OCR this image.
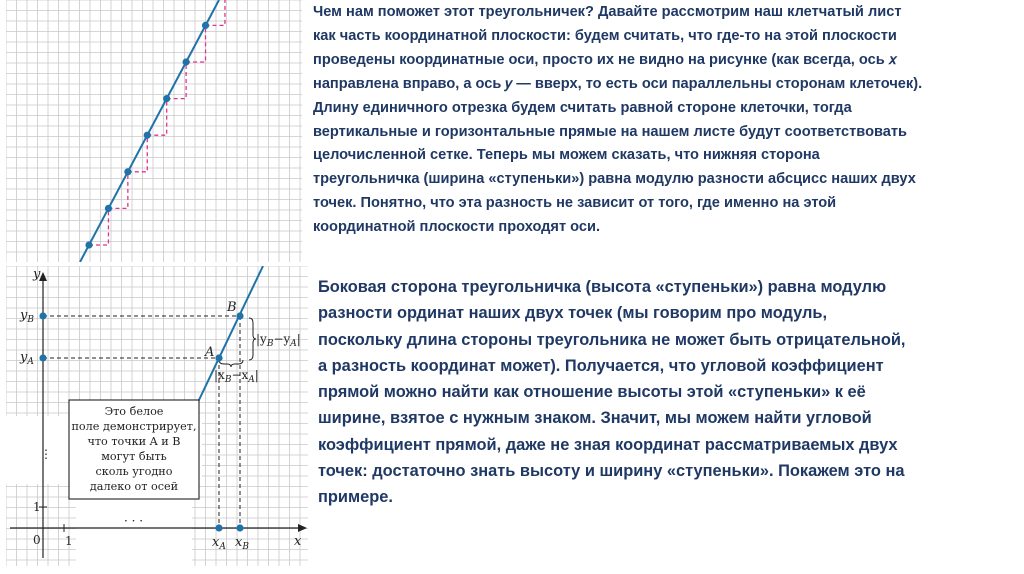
Чем нам поможет этот треугольничек? Давайте рассмотрим наш клетчатый лист
как часть координатной плоскости: будем считать, что где-то на этой плоскости
проведены координатные оси, просто их не видно на рисунке (как всегда, ось 𝑥
направлена вправо, а ось 𝑦 — вверх, то есть оси параллельны сторонам клеточек).
Длину единичного отрезка будем считать равной стороне клеточки, тогда
вертикальные и горизонтальные прямые на нашем листе будут соответствовать
целочисленной сетке. Теперь мы можем сказать, что нижняя сторона
треугольничка (ширина «ступеньки») равна модулю разности абсцисс наших двух
точек. Понятно, что эта разность не зависит от того, где именно на этой
координатной плоскости проходят оси.
y
x
$|y_B-y_A|$
$|x_B-x_A|$
A
B
$y_B$
$y_A$
$x_A$ $x_B$
0 1
1
· · ·
⋮
Это белое
поле демонстрирует,
что точки A и B
могут быть
сколь угодно
далеко от осей
Боковая сторона треугольничка (высота «ступеньки») равна модулю
разности ординат наших двух точек (мы говорим про модуль,
поскольку длина стороны треугольника не может быть отрицательной,
а разность координат может). Получается, что угловой коэффициент
прямой можно найти как отношение высоты этой «ступеньки» к её
ширине, взятое с нужным знаком. Значит, мы можем найти угловой
коэффициент прямой, даже не зная координат рассматриваемых двух
точек: достаточно знать высоту и ширину «ступеньки». Покажем это на
примере.
